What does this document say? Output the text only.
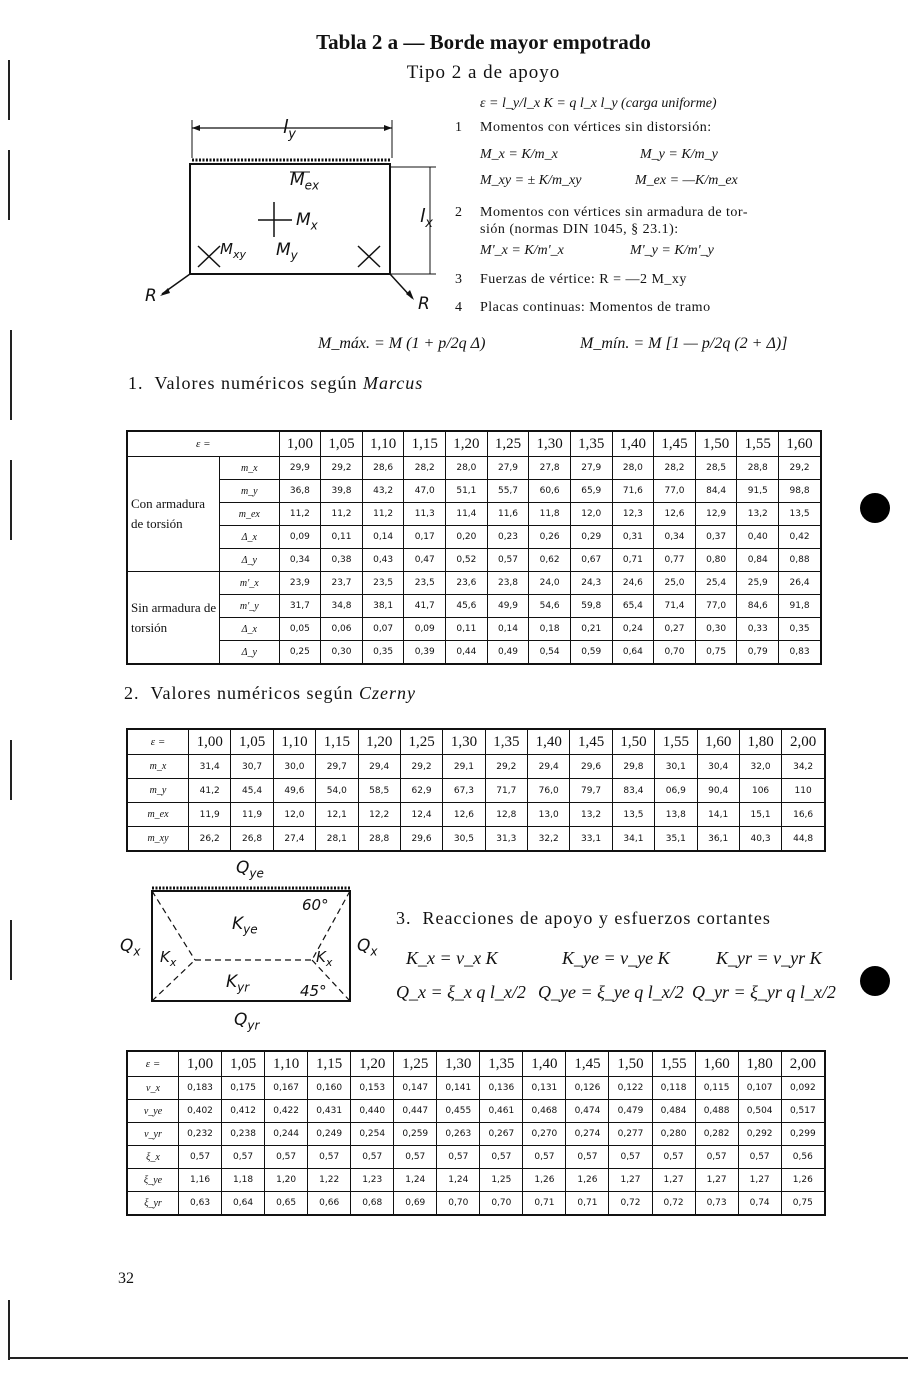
Tabla 2 a — Borde mayor empotrado
Tipo 2 a de apoyo
$l_y$
$l_x$
$M_{ex}$
$M_x$
$M_y$
$M_{xy}$
R	R
ε = l_y/l_x K = q l_x l_y (carga uniforme)
1 Momentos con vértices sin distorsión:
M_x = K/m_x	M_y = K/m_y
M_xy = ± K/m_xy	M_ex = —K/m_ex
2 Momentos con vértices sin armadura de tor-
sión (normas DIN 1045, § 23.1):
M'_x = K/m'_x	M'_y = K/m'_y
3 Fuerzas de vértice: R = —2 M_xy
4 Placas continuas: Momentos de tramo
M_máx. = M (1 + p/2q Δ)	M_mín. = M [1 — p/2q (2 + Δ)]
1. Valores numéricos según Marcus
ε =		1,00	1,05	1,10	1,15	1,20	1,25	1,30	1,35	1,40	1,45	1,50	1,55	1,60
Con armadura de torsión	m_x	29,9	29,2	28,6	28,2	28,0	27,9	27,8	27,9	28,0	28,2	28,5	28,8	29,2
	m_y	36,8	39,8	43,2	47,0	51,1	55,7	60,6	65,9	71,6	77,0	84,4	91,5	98,8
	m_ex	11,2	11,2	11,2	11,3	11,4	11,6	11,8	12,0	12,3	12,6	12,9	13,2	13,5
	Δ_x	0,09	0,11	0,14	0,17	0,20	0,23	0,26	0,29	0,31	0,34	0,37	0,40	0,42
	Δ_y	0,34	0,38	0,43	0,47	0,52	0,57	0,62	0,67	0,71	0,77	0,80	0,84	0,88
Sin armadura de torsión	m'_x	23,9	23,7	23,5	23,5	23,6	23,8	24,0	24,3	24,6	25,0	25,4	25,9	26,4
	m'_y	31,7	34,8	38,1	41,7	45,6	49,9	54,6	59,8	65,4	71,4	77,0	84,6	91,8
	Δ_x	0,05	0,06	0,07	0,09	0,11	0,14	0,18	0,21	0,24	0,27	0,30	0,33	0,35
	Δ_y	0,25	0,30	0,35	0,39	0,44	0,49	0,54	0,59	0,64	0,70	0,75	0,79	0,83
2. Valores numéricos según Czerny
ε =	1,00	1,05	1,10	1,15	1,20	1,25	1,30	1,35	1,40	1,45	1,50	1,55	1,60	1,80	2,00
m_x	31,4	30,7	30,0	29,7	29,4	29,2	29,1	29,2	29,4	29,6	29,8	30,1	30,4	32,0	34,2
m_y	41,2	45,4	49,6	54,0	58,5	62,9	67,3	71,7	76,0	79,7	83,4	06,9	90,4	106	110
m_ex	11,9	11,9	12,0	12,1	12,2	12,4	12,6	12,8	13,0	13,2	13,5	13,8	14,1	15,1	16,6
m_xy	26,2	26,8	27,4	28,1	28,8	29,6	30,5	31,3	32,2	33,1	34,1	35,1	36,1	40,3	44,8
$Q_{ye}$
$Q_{yr}$
$Q_x$	$Q_x$
$K_{ye}$
$K_{yr}$
$K_x$	$K_x$
60°
45°
3. Reacciones de apoyo y esfuerzos cortantes
K_x = ν_x K	K_ye = ν_ye K	K_yr = ν_yr K
Q_x = ξ_x q l_x/2 Q_ye = ξ_ye q l_x/2 Q_yr = ξ_yr q l_x/2
ε =	1,00	1,05	1,10	1,15	1,20	1,25	1,30	1,35	1,40	1,45	1,50	1,55	1,60	1,80	2,00
ν_x	0,183	0,175	0,167	0,160	0,153	0,147	0,141	0,136	0,131	0,126	0,122	0,118	0,115	0,107	0,092
ν_ye	0,402	0,412	0,422	0,431	0,440	0,447	0,455	0,461	0,468	0,474	0,479	0,484	0,488	0,504	0,517
ν_yr	0,232	0,238	0,244	0,249	0,254	0,259	0,263	0,267	0,270	0,274	0,277	0,280	0,282	0,292	0,299
ξ_x	0,57	0,57	0,57	0,57	0,57	0,57	0,57	0,57	0,57	0,57	0,57	0,57	0,57	0,57	0,56
ξ_ye	1,16	1,18	1,20	1,22	1,23	1,24	1,24	1,25	1,26	1,26	1,27	1,27	1,27	1,27	1,26
ξ_yr	0,63	0,64	0,65	0,66	0,68	0,69	0,70	0,70	0,71	0,71	0,72	0,72	0,73	0,74	0,75
32
